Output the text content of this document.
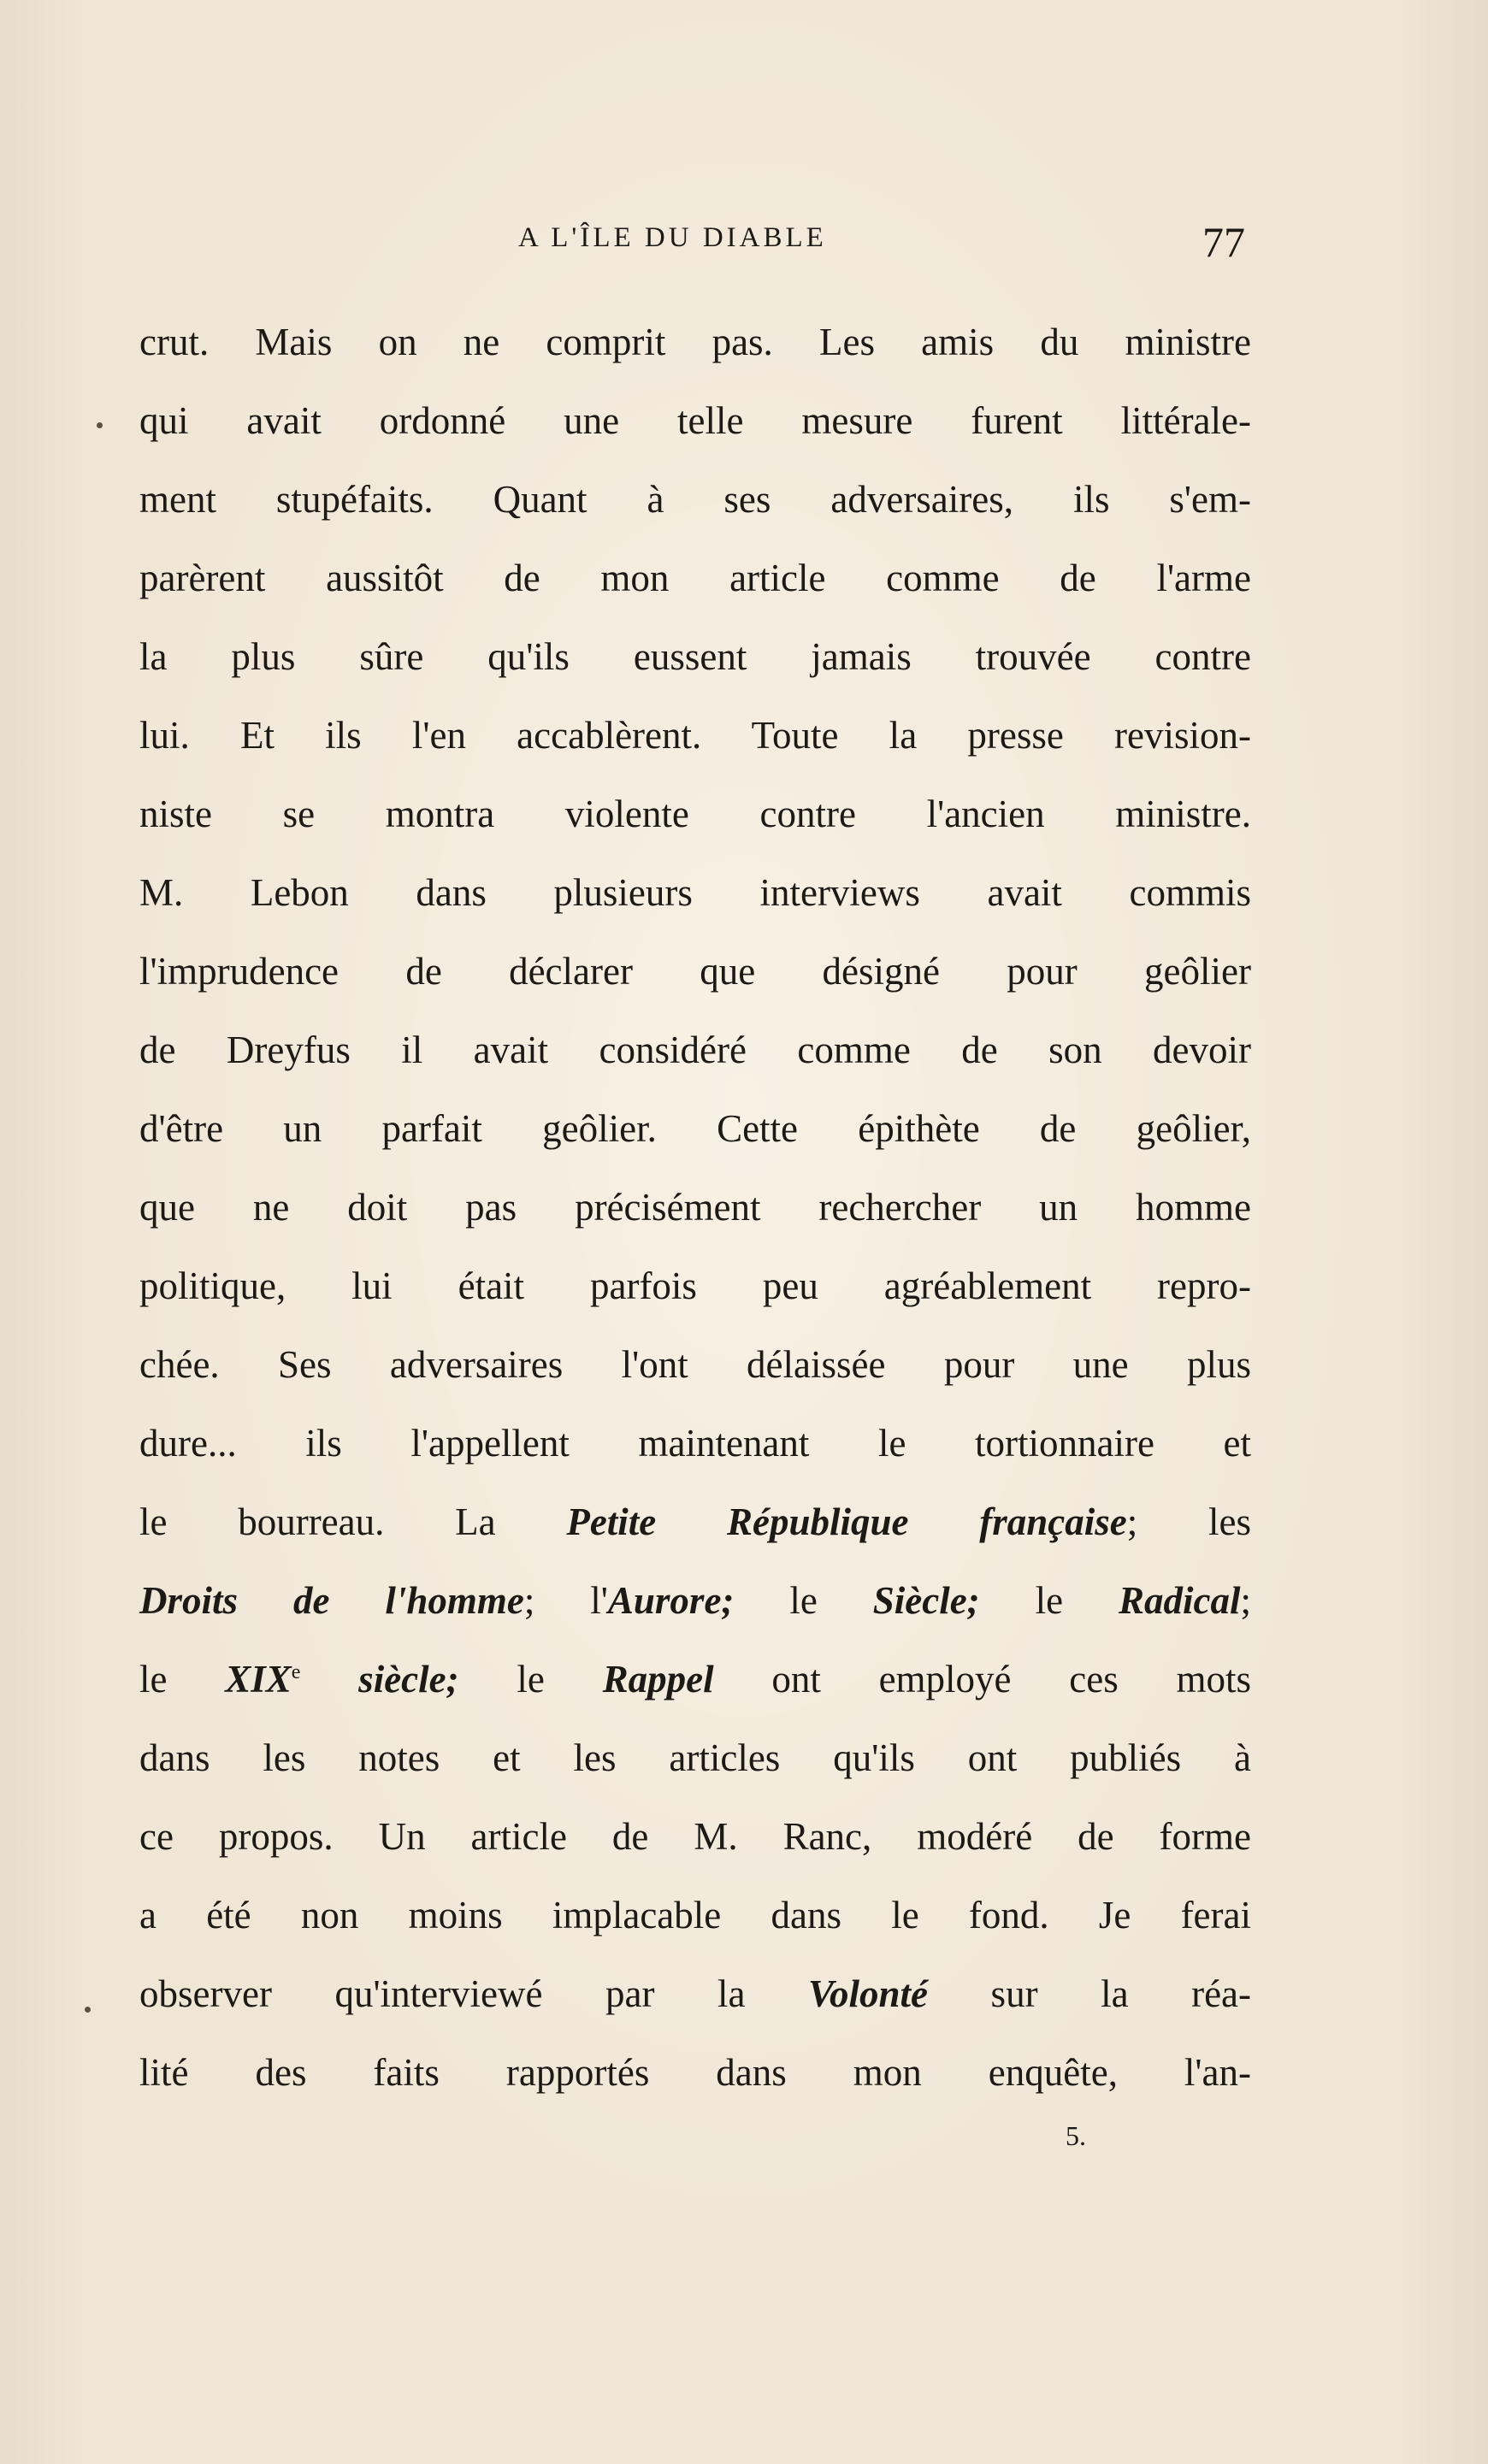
A L'ÎLE DU DIABLE	77
crut. Mais on ne comprit pas. Les amis du ministre
qui avait ordonné une telle mesure furent littérale-
ment stupéfaits. Quant à ses adversaires, ils s'em-
parèrent aussitôt de mon article comme de l'arme
la plus sûre qu'ils eussent jamais trouvée contre
lui. Et ils l'en accablèrent. Toute la presse revision-
niste se montra violente contre l'ancien ministre.
M. Lebon dans plusieurs interviews avait commis
l'imprudence de déclarer que désigné pour geôlier
de Dreyfus il avait considéré comme de son devoir
d'être un parfait geôlier. Cette épithète de geôlier,
que ne doit pas précisément rechercher un homme
politique, lui était parfois peu agréablement repro-
chée. Ses adversaires l'ont délaissée pour une plus
dure... ils l'appellent maintenant le tortionnaire et
le bourreau. La Petite République française; les
Droits de l'homme; l'Aurore; le Siècle; le Radical;
le XIXe siècle; le Rappel ont employé ces mots
dans les notes et les articles qu'ils ont publiés à
ce propos. Un article de M. Ranc, modéré de forme
a été non moins implacable dans le fond. Je ferai
observer qu'interviewé par la Volonté sur la réa-
lité des faits rapportés dans mon enquête, l'an-
5.
